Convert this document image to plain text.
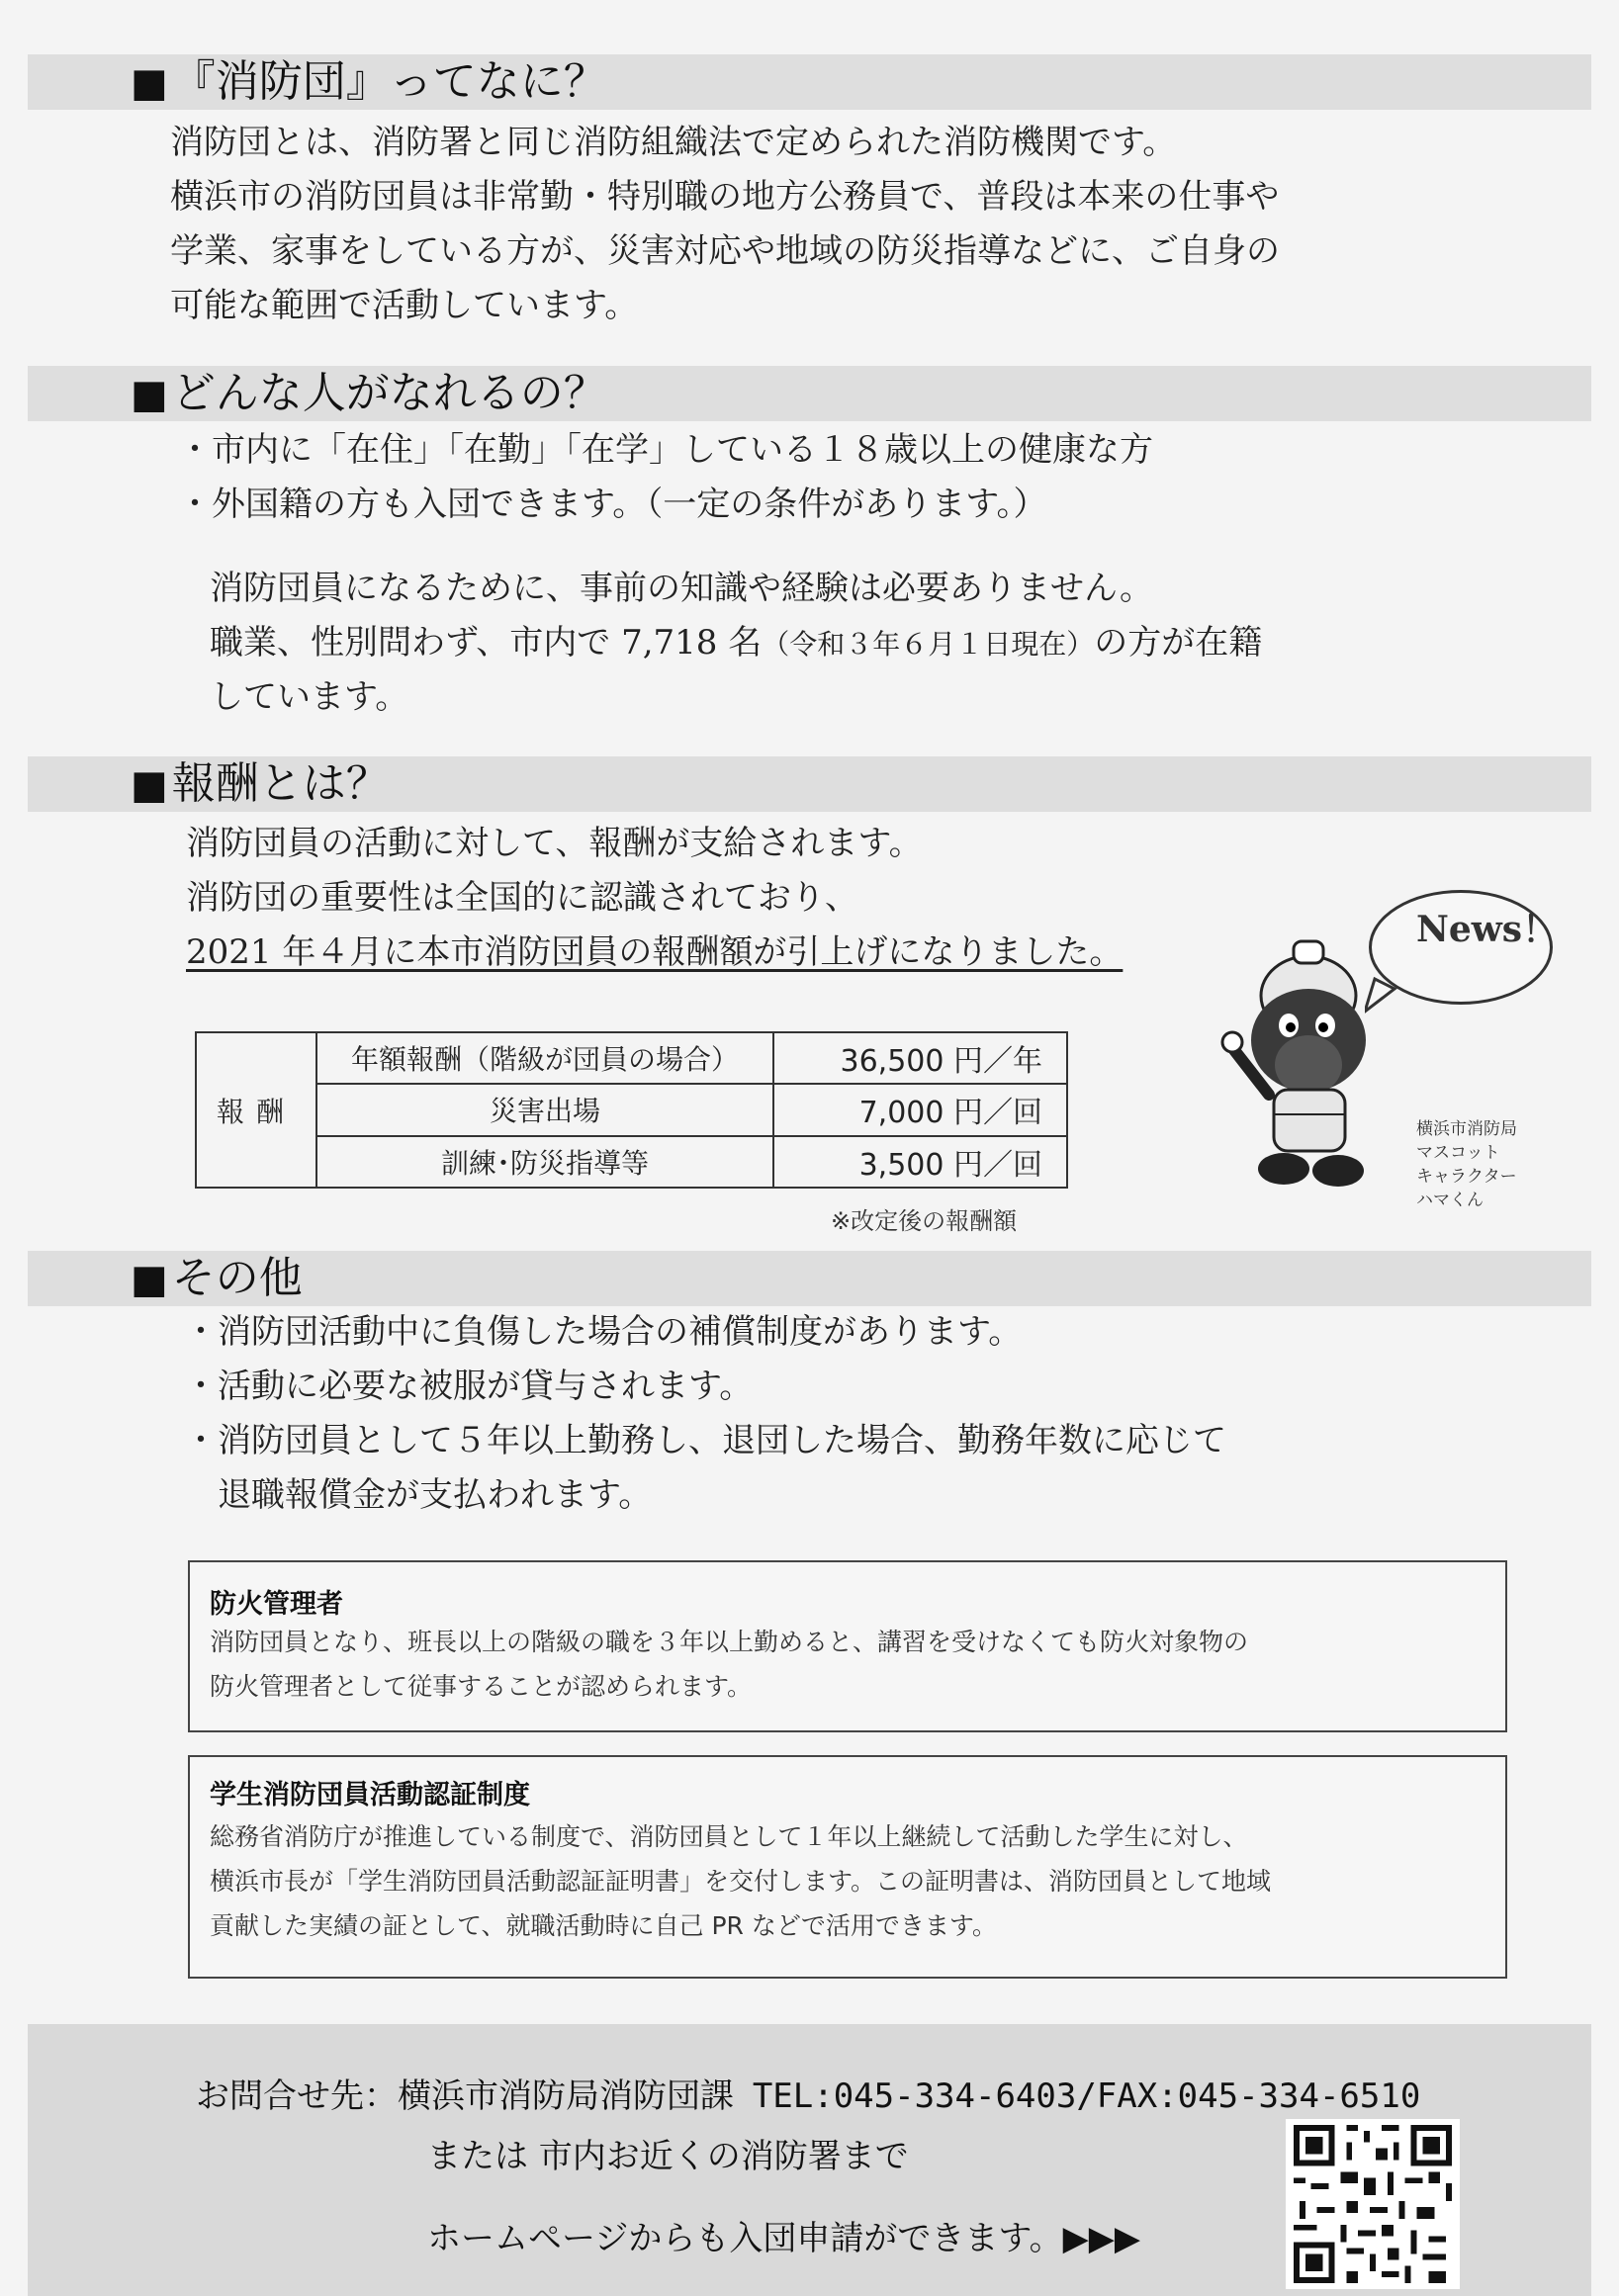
■『消防団』ってなに？
消防団とは、消防署と同じ消防組織法で定められた消防機関です。
横浜市の消防団員は非常勤・特別職の地方公務員で、普段は本来の仕事や
学業、家事をしている方が、災害対応や地域の防災指導などに、ご自身の
可能な範囲で活動しています。
■どんな人がなれるの？
・市内に「在住」「在勤」「在学」している１８歳以上の健康な方
・外国籍の方も入団できます。（一定の条件があります。）
消防団員になるために、事前の知識や経験は必要ありません。
職業、性別問わず、市内で 7,718 名（令和３年６月１日現在）の方が在籍
しています。
■報酬とは？
消防団員の活動に対して、報酬が支給されます。
消防団の重要性は全国的に認識されており、
2021 年４月に本市消防団員の報酬額が引上げになりました。
報酬	年額報酬（階級が団員の場合）	36,500 円／年
	災害出場	7,000 円／回
	訓練･防災指導等	3,500 円／回
※改定後の報酬額
News！
横浜市消防局
マスコット
キャラクター
ハマくん
■その他
・消防団活動中に負傷した場合の補償制度があります。
・活動に必要な被服が貸与されます。
・消防団員として５年以上勤務し、退団した場合、勤務年数に応じて
　退職報償金が支払われます。
防火管理者
消防団員となり、班長以上の階級の職を３年以上勤めると、講習を受けなくても防火対象物の
防火管理者として従事することが認められます。
学生消防団員活動認証制度
総務省消防庁が推進している制度で、消防団員として１年以上継続して活動した学生に対し、
横浜市長が「学生消防団員活動認証証明書」を交付します。この証明書は、消防団員として地域
貢献した実績の証として、就職活動時に自己 PR などで活用できます。
お問合せ先：横浜市消防局消防団課 TEL:045-334-6403/FAX:045-334-6510
または 市内お近くの消防署まで
ホームページからも入団申請ができます。▶▶▶
